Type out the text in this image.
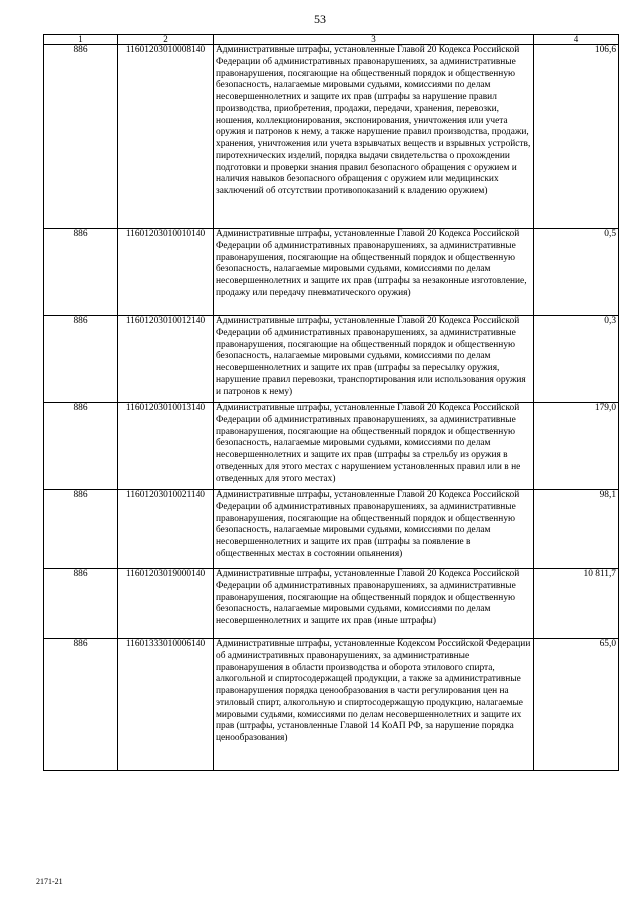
53
1	2	3	4
886	11601203010008140	Административные штрафы, установленные Главой 20 Кодекса Российской Федерации об административных правонарушениях, за административные правонарушения, посягающие на общественный порядок и общественную безопасность, налагаемые мировыми судьями, комиссиями по делам несовершеннолетних и защите их прав (штрафы за нарушение правил производства, приобретения, продажи, передачи, хранения, перевозки, ношения, коллекционирования, экспонирования, уничтожения или учета оружия и патронов к нему, а также нарушение правил производства, продажи, хранения, уничтожения или учета взрывчатых веществ и взрывных устройств, пиротехнических изделий, порядка выдачи свидетельства о прохождении подготовки и проверки знания правил безопасного обращения с оружием и наличия навыков безопасного обращения с оружием или медицинских заключений об отсутствии противопоказаний к владению оружием)	106,6
886	11601203010010140	Административные штрафы, установленные Главой 20 Кодекса Российской Федерации об административных правонарушениях, за административные правонарушения, посягающие на общественный порядок и общественную безопасность, налагаемые мировыми судьями, комиссиями по делам несовершеннолетних и защите их прав (штрафы за незаконные изготовление, продажу или передачу пневматического оружия)	0,5
886	11601203010012140	Административные штрафы, установленные Главой 20 Кодекса Российской Федерации об административных правонарушениях, за административные правонарушения, посягающие на общественный порядок и общественную безопасность, налагаемые мировыми судьями, комиссиями по делам несовершеннолетних и защите их прав (штрафы за пересылку оружия, нарушение правил перевозки, транспортирования или использования оружия и патронов к нему)	0,3
886	11601203010013140	Административные штрафы, установленные Главой 20 Кодекса Российской Федерации об административных правонарушениях, за административные правонарушения, посягающие на общественный порядок и общественную безопасность, налагаемые мировыми судьями, комиссиями по делам несовершеннолетних и защите их прав (штрафы за стрельбу из оружия в отведенных для этого местах с нарушением установленных правил или в не отведенных для этого местах)	179,0
886	11601203010021140	Административные штрафы, установленные Главой 20 Кодекса Российской Федерации об административных правонарушениях, за административные правонарушения, посягающие на общественный порядок и общественную безопасность, налагаемые мировыми судьями, комиссиями по делам несовершеннолетних и защите их прав (штрафы за появление в общественных местах в состоянии опьянения)	98,1
886	11601203019000140	Административные штрафы, установленные Главой 20 Кодекса Российской Федерации об административных правонарушениях, за административные правонарушения, посягающие на общественный порядок и общественную безопасность, налагаемые мировыми судьями, комиссиями по делам несовершеннолетних и защите их прав (иные штрафы)	10 811,7
886	11601333010006140	Административные штрафы, установленные Кодексом Российской Федерации об административных правонарушениях, за административные правонарушения в области производства и оборота этилового спирта, алкогольной и спиртосодержащей продукции, а также за административные правонарушения порядка ценообразования в части регулирования цен на этиловый спирт, алкогольную и спиртосодержащую продукцию, налагаемые мировыми судьями, комиссиями по делам несовершеннолетних и защите их прав (штрафы, установленные Главой 14 КоАП РФ, за нарушение порядка ценообразования)	65,0
2171-21
